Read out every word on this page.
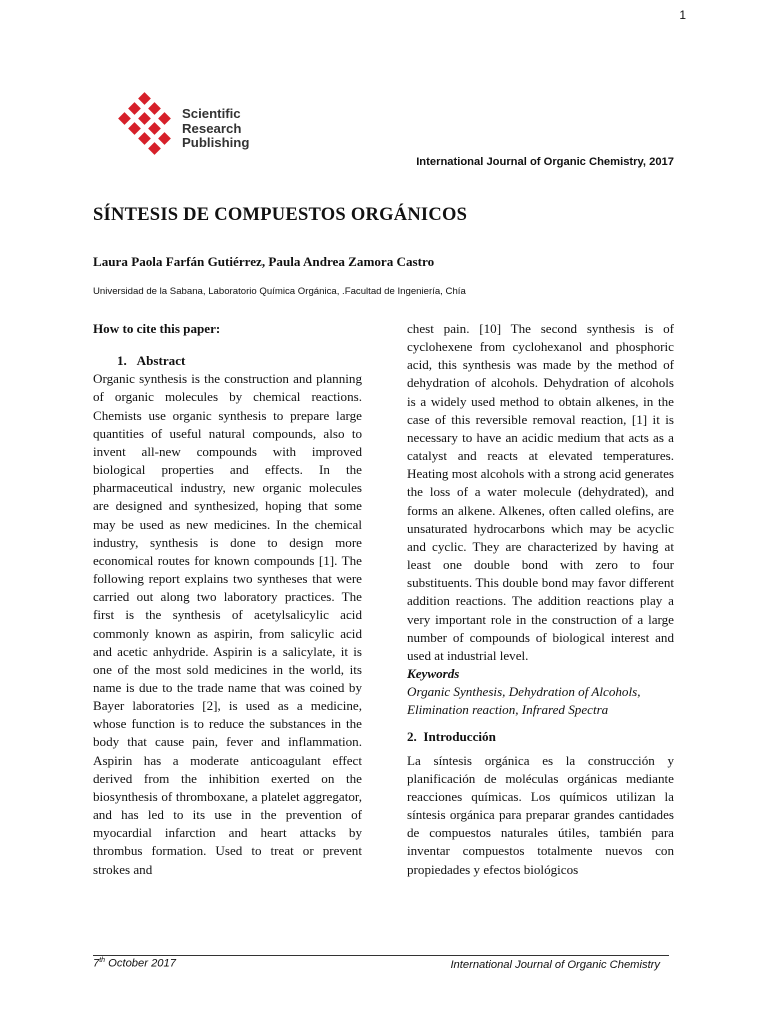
1
Scientific
Research
Publishing
International Journal of Organic Chemistry, 2017
SÍNTESIS DE COMPUESTOS ORGÁNICOS
Laura Paola Farfán Gutiérrez, Paula Andrea Zamora Castro
Universidad de la Sabana, Laboratorio Química Orgánica, .Facultad de Ingeniería, Chía

How to cite this paper:

1. Abstract

Organic synthesis is the construction and planning of organic molecules by chemical reactions. Chemists use organic synthesis to prepare large quantities of useful natural compounds, also to invent all-new compounds with improved biological properties and effects. In the pharmaceutical industry, new organic molecules are designed and synthesized, hoping that some may be used as new medicines. In the chemical industry, synthesis is done to design more economical routes for known compounds [1]. The following report explains two syntheses that were carried out along two laboratory practices. The first is the synthesis of acetylsalicylic acid commonly known as aspirin, from salicylic acid and acetic anhydride. Aspirin is a salicylate, it is one of the most sold medicines in the world, its name is due to the trade name that was coined by Bayer laboratories [2], is used as a medicine, whose function is to reduce the substances in the body that cause pain, fever and inflammation. Aspirin has a moderate anticoagulant effect derived from the inhibition exerted on the biosynthesis of thromboxane, a platelet aggregator, and has led to its use in the prevention of myocardial infarction and heart attacks by thrombus formation. Used to treat or prevent strokes and

chest pain. [10] The second synthesis is of cyclohexene from cyclohexanol and phosphoric acid, this synthesis was made by the method of dehydration of alcohols. Dehydration of alcohols is a widely used method to obtain alkenes, in the case of this reversible removal reaction, [1] it is necessary to have an acidic medium that acts as a catalyst and reacts at elevated temperatures. Heating most alcohols with a strong acid generates the loss of a water molecule (dehydrated), and forms an alkene. Alkenes, often called olefins, are unsaturated hydrocarbons which may be acyclic and cyclic. They are characterized by having at least one double bond with zero to four substituents. This double bond may favor different addition reactions. The addition reactions play a very important role in the construction of a large number of compounds of biological interest and used at industrial level.

Keywords

Organic Synthesis, Dehydration of Alcohols, Elimination reaction, Infrared Spectra

2.  Introducción

La síntesis orgánica es la construcción y planificación de moléculas orgánicas mediante reacciones químicas. Los químicos utilizan la síntesis orgánica para preparar grandes cantidades de compuestos naturales útiles, también para inventar compuestos totalmente nuevos con propiedades y efectos biológicos

7th October 2017	International Journal of Organic Chemistry
